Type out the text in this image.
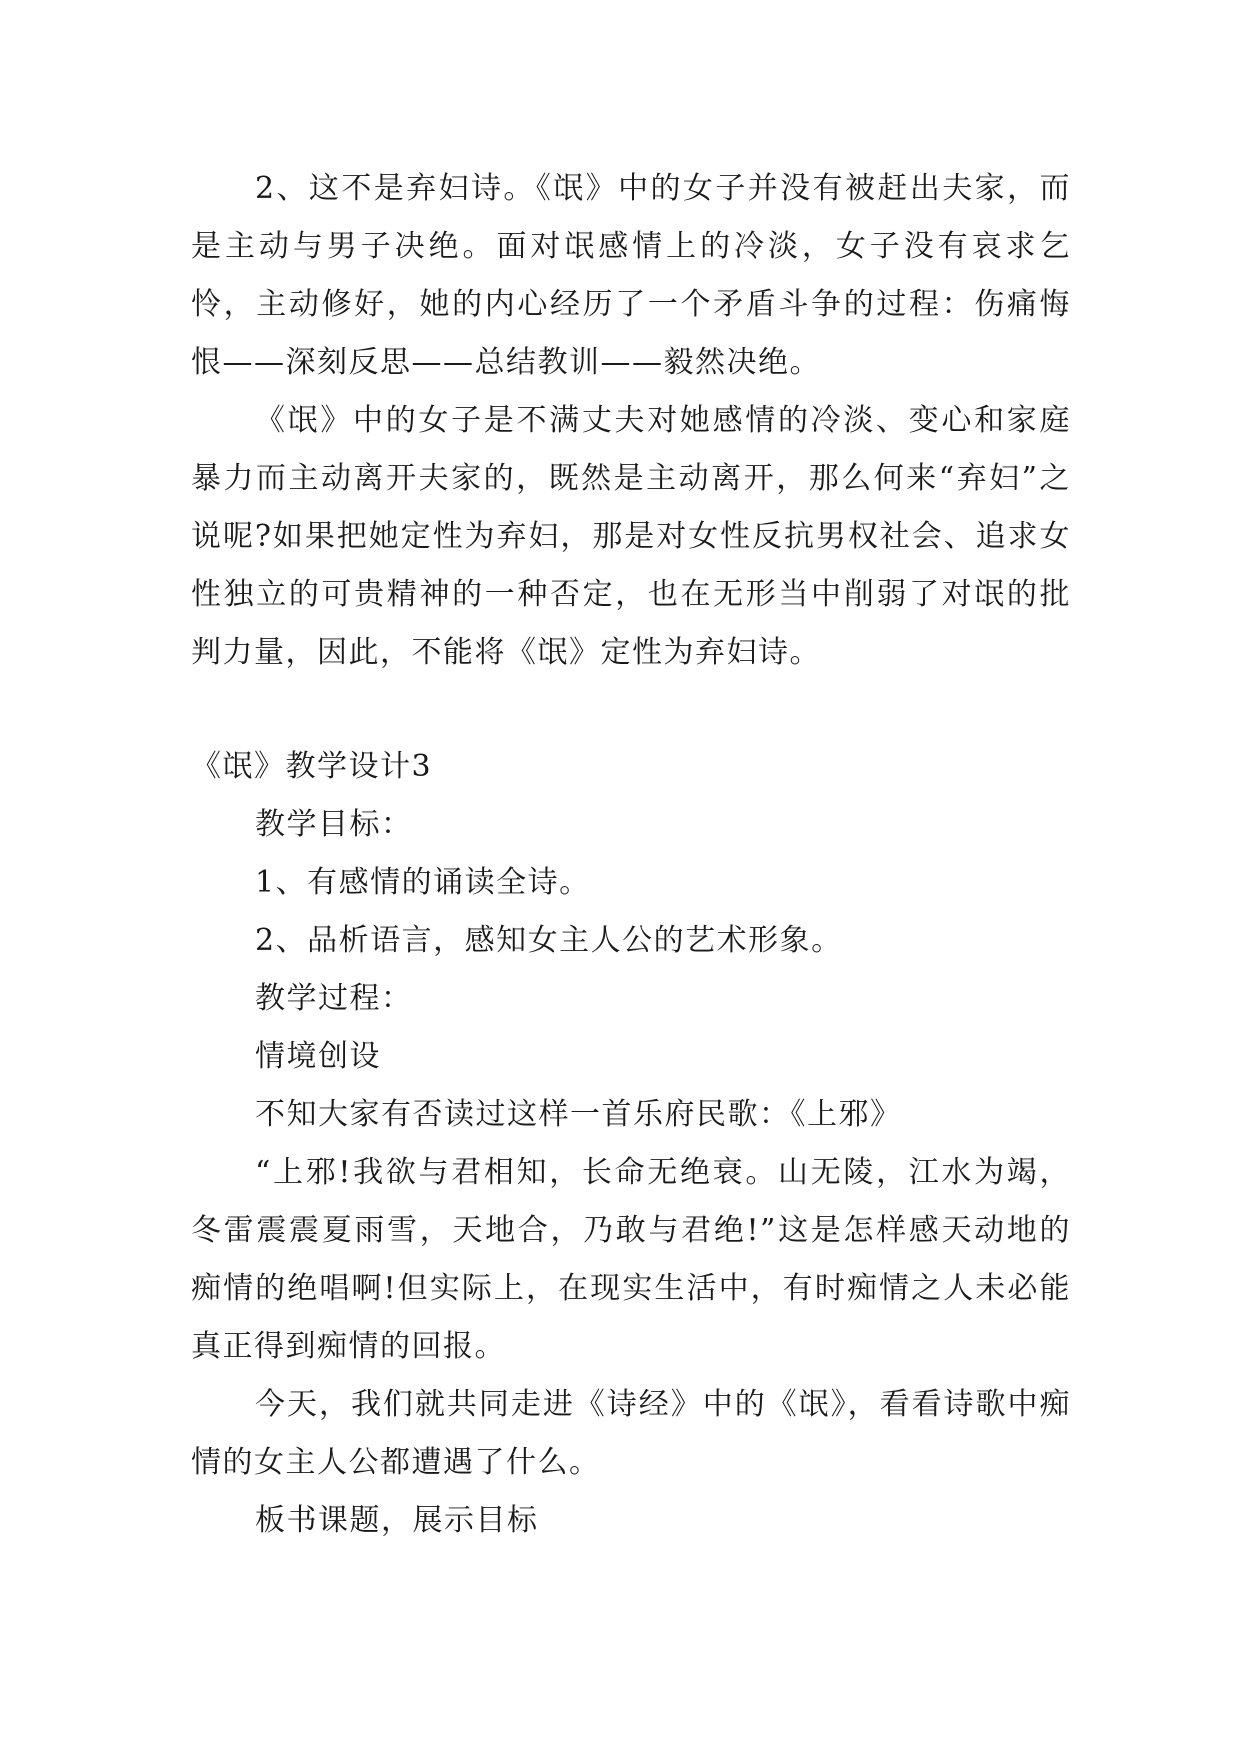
2、这不是弃妇诗。《氓》中的女子并没有被赶出夫家，而是主动与男子决绝。面对氓感情上的冷淡，女子没有哀求乞怜，主动修好，她的内心经历了一个矛盾斗争的过程：伤痛悔恨——深刻反思——总结教训——毅然决绝。

《氓》中的女子是不满丈夫对她感情的冷淡、变心和家庭暴力而主动离开夫家的，既然是主动离开，那么何来“弃妇”之说呢?如果把她定性为弃妇，那是对女性反抗男权社会、追求女性独立的可贵精神的一种否定，也在无形当中削弱了对氓的批判力量，因此，不能将《氓》定性为弃妇诗。

《氓》教学设计3

教学目标：

1、有感情的诵读全诗。

2、品析语言，感知女主人公的艺术形象。

教学过程：

情境创设

不知大家有否读过这样一首乐府民歌：《上邪》

“上邪!我欲与君相知，长命无绝衰。山无陵，江水为竭，冬雷震震夏雨雪，天地合，乃敢与君绝!”这是怎样感天动地的痴情的绝唱啊!但实际上，在现实生活中，有时痴情之人未必能真正得到痴情的回报。

今天，我们就共同走进《诗经》中的《氓》，看看诗歌中痴情的女主人公都遭遇了什么。

板书课题，展示目标
